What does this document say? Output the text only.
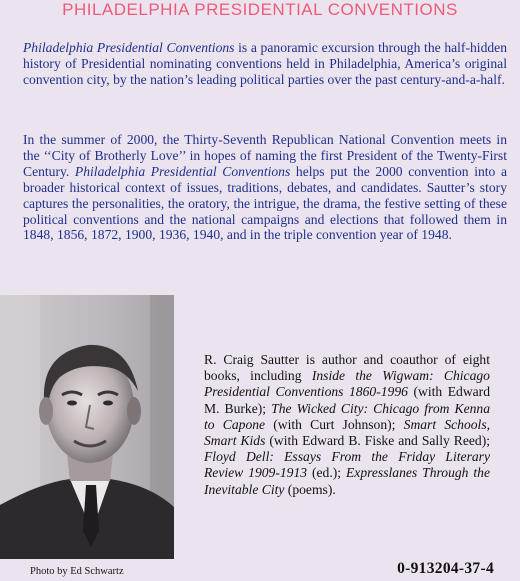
PHILADELPHIA PRESIDENTIAL CONVENTIONS

Philadelphia Presidential Conventions is a panoramic excursion through the half-hidden history of Presidential nominating conventions held in Philadelphia, America’s original convention city, by the nation’s leading political parties over the past century-and-a-half.

In the summer of 2000, the Thirty-Seventh Republican National Convention meets in the ‘‘City of Brotherly Love’’ in hopes of naming the first President of the Twenty-First Century. Philadelphia Presidential Conventions helps put the 2000 convention into a broader historical context of issues, traditions, debates, and candidates. Sautter’s story captures the personalities, the oratory, the intrigue, the drama, the festive setting of these political conventions and the national campaigns and elections that followed them in 1848, 1856, 1872, 1900, 1936, 1940, and in the triple convention year of 1948.

R. Craig Sautter is author and coauthor of eight books, including Inside the Wigwam: Chicago Presidential Conventions 1860-1996 (with Edward M. Burke); The Wicked City: Chicago from Kenna to Capone (with Curt Johnson); Smart Schools, Smart Kids (with Edward B. Fiske and Sally Reed); Floyd Dell: Essays From the Friday Literary Review 1909-1913 (ed.); Expresslanes Through the Inevitable City (poems).

Photo by Ed Schwartz	0-913204-37-4
